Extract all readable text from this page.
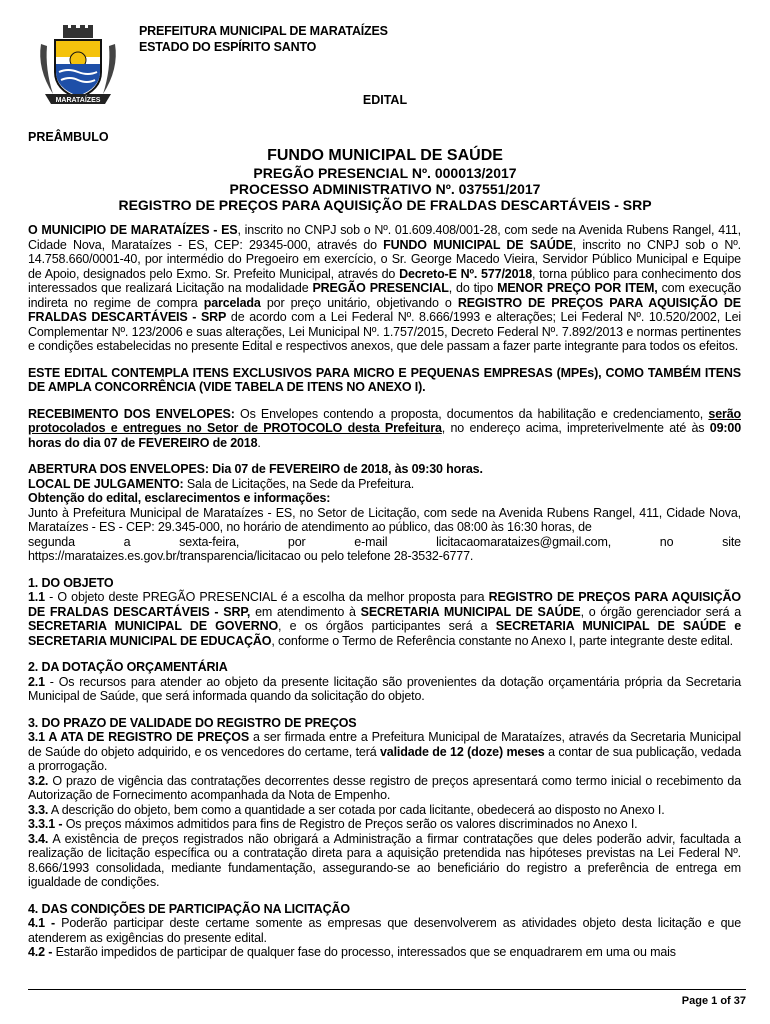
MARATAÍZES
PREFEITURA MUNICIPAL DE MARATAÍZES
ESTADO DO ESPÍRITO SANTO
EDITAL
PREÂMBULO
FUNDO MUNICIPAL DE SAÚDE
PREGÃO PRESENCIAL Nº. 000013/2017
PROCESSO ADMINISTRATIVO Nº. 037551/2017
REGISTRO DE PREÇOS PARA AQUISIÇÃO DE FRALDAS DESCARTÁVEIS - SRP

O MUNICIPIO DE MARATAÍZES - ES, inscrito no CNPJ sob o Nº. 01.609.408/001-28, com sede na Avenida Rubens Rangel, 411, Cidade Nova, Marataízes - ES, CEP: 29345-000, através do FUNDO MUNICIPAL DE SAÚDE, inscrito no CNPJ sob o Nº. 14.758.660/0001-40, por intermédio do Pregoeiro em exercício, o Sr. George Macedo Vieira, Servidor Público Municipal e Equipe de Apoio, designados pelo Exmo. Sr. Prefeito Municipal, através do Decreto-E Nº. 577/2018, torna público para conhecimento dos interessados que realizará Licitação na modalidade PREGÃO PRESENCIAL, do tipo MENOR PREÇO POR ITEM, com execução indireta no regime de compra parcelada por preço unitário, objetivando o REGISTRO DE PREÇOS PARA AQUISIÇÃO DE FRALDAS DESCARTÁVEIS - SRP de acordo com a Lei Federal Nº. 8.666/1993 e alterações; Lei Federal Nº. 10.520/2002, Lei Complementar Nº. 123/2006 e suas alterações, Lei Municipal Nº. 1.757/2015, Decreto Federal Nº. 7.892/2013 e normas pertinentes e condições estabelecidas no presente Edital e respectivos anexos, que dele passam a fazer parte integrante para todos os efeitos.

ESTE EDITAL CONTEMPLA ITENS EXCLUSIVOS PARA MICRO E PEQUENAS EMPRESAS (MPEs), COMO TAMBÉM ITENS DE AMPLA CONCORRÊNCIA (VIDE TABELA DE ITENS NO ANEXO I).

RECEBIMENTO DOS ENVELOPES: Os Envelopes contendo a proposta, documentos da habilitação e credenciamento, serão protocolados e entregues no Setor de PROTOCOLO desta Prefeitura, no endereço acima, impreterivelmente até às 09:00 horas do dia 07 de FEVEREIRO de 2018.

ABERTURA DOS ENVELOPES: Dia 07 de FEVEREIRO de 2018, às 09:30 horas.

LOCAL DE JULGAMENTO: Sala de Licitações, na Sede da Prefeitura.

Obtenção do edital, esclarecimentos e informações:

Junto à Prefeitura Municipal de Marataízes - ES, no Setor de Licitação, com sede na Avenida Rubens Rangel, 411, Cidade Nova, Marataízes - ES - CEP: 29.345-000, no horário de atendimento ao público, das 08:00 às 16:30 horas, de

segunda	a	sexta-feira,	por	e-mail	licitacaomarataizes@gmail.com,	no	site

https://marataizes.es.gov.br/transparencia/licitacao ou pelo telefone 28-3532-6777.

1. DO OBJETO

1.1 - O objeto deste PREGÃO PRESENCIAL é a escolha da melhor proposta para REGISTRO DE PREÇOS PARA AQUISIÇÃO DE FRALDAS DESCARTÁVEIS - SRP, em atendimento à SECRETARIA MUNICIPAL DE SAÚDE, o órgão gerenciador será a SECRETARIA MUNICIPAL DE GOVERNO, e os órgãos participantes será a SECRETARIA MUNICIPAL DE SAÚDE e SECRETARIA MUNICIPAL DE EDUCAÇÃO, conforme o Termo de Referência constante no Anexo I, parte integrante deste edital.

2. DA DOTAÇÃO ORÇAMENTÁRIA

2.1 - Os recursos para atender ao objeto da presente licitação são provenientes da dotação orçamentária própria da Secretaria Municipal de Saúde, que será informada quando da solicitação do objeto.

3. DO PRAZO DE VALIDADE DO REGISTRO DE PREÇOS

3.1 A ATA DE REGISTRO DE PREÇOS a ser firmada entre a Prefeitura Municipal de Marataízes, através da Secretaria Municipal de Saúde do objeto adquirido, e os vencedores do certame, terá validade de 12 (doze) meses a contar de sua publicação, vedada a prorrogação.

3.2. O prazo de vigência das contratações decorrentes desse registro de preços apresentará como termo inicial o recebimento da Autorização de Fornecimento acompanhada da Nota de Empenho.

3.3. A descrição do objeto, bem como a quantidade a ser cotada por cada licitante, obedecerá ao disposto no Anexo I.

3.3.1 - Os preços máximos admitidos para fins de Registro de Preços serão os valores discriminados no Anexo I.

3.4. A existência de preços registrados não obrigará a Administração a firmar contratações que deles poderão advir, facultada a realização de licitação específica ou a contratação direta para a aquisição pretendida nas hipóteses previstas na Lei Federal Nº. 8.666/1993 consolidada, mediante fundamentação, assegurando-se ao beneficiário do registro a preferência de entrega em igualdade de condições.

4. DAS CONDIÇÕES DE PARTICIPAÇÃO NA LICITAÇÃO

4.1 - Poderão participar deste certame somente as empresas que desenvolverem as atividades objeto desta licitação e que atenderem as exigências do presente edital.

4.2 - Estarão impedidos de participar de qualquer fase do processo, interessados que se enquadrarem em uma ou mais

Page 1 of 37
